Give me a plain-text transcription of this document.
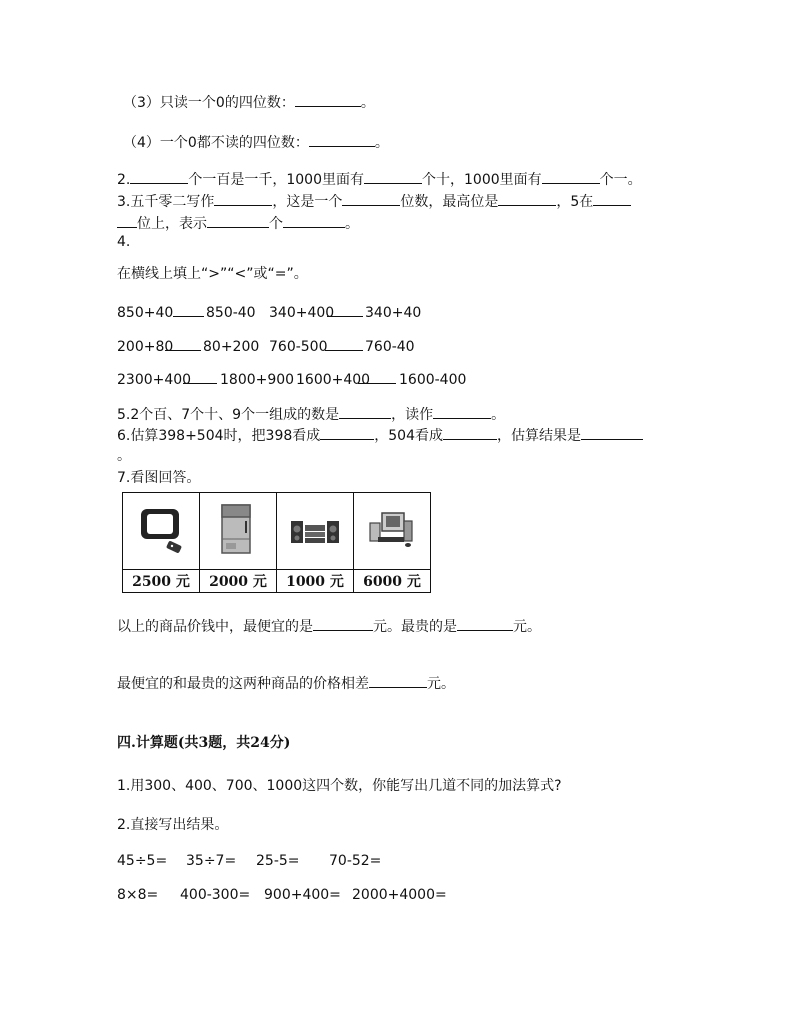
（3）只读一个0的四位数：	。
（4）一个0都不读的四位数：	。
2.	个一百是一千，1000里面有	个十，1000里面有	个一。
3.五千零二写作	，这是一个	位数，最高位是	，5在
位上，表示	个	。
4.
在横线上填上“>”“<”或“=”。
850+40 850-40 340+400 340+40
200+80 80+200 760-500	760-40
2300+400 1800+900 1600+400 1600-400
5.2个百、7个十、9个一组成的数是	，读作	。
6.估算398+504时，把398看成	，504看成	，估算结果是
。
7.看图回答。

2500 元	2000 元	1000 元	6000 元
以上的商品价钱中，最便宜的是	元。最贵的是	元。
最便宜的和最贵的这两种商品的价格相差	元。
四.计算题(共3题，共24分)
1.用300、400、700、1000这四个数，你能写出几道不同的加法算式?
2.直接写出结果。
45÷5= 35÷7= 25-5= 70-52=
8×8= 400-300= 900+400= 2000+4000=
